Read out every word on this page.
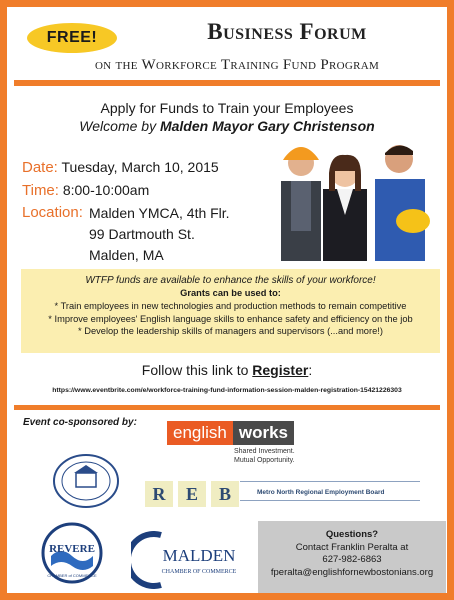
FREE!	Business Forum
on the Workforce Training Fund Program
Apply for Funds to Train your Employees
Welcome by Malden Mayor Gary Christenson
Date: Tuesday, March 10, 2015
Time: 8:00-10:00am
Location: Malden YMCA, 4th Flr.
99 Dartmouth St.
Malden, MA
WTFP funds are available to enhance the skills of your workforce!
Grants can be used to:
* Train employees in new technologies and production methods to remain competitive
* Improve employees' English language skills to enhance safety and efficiency on the job
* Develop the leadership skills of managers and supervisors (...and more!)
Follow this link to Register:
https://www.eventbrite.com/e/workforce-training-fund-information-session-malden-registration-15421226303
Event co-sponsored by:
english works
Shared Investment.
Mutual Opportunity.
R	E	B	Metro North Regional Employment Board
REVERE
CHAMBER of COMMERCE
MALDEN
CHAMBER OF COMMERCE
Questions?
Contact Franklin Peralta at
627-982-6863
fperalta@englishfornewbostonians.org
